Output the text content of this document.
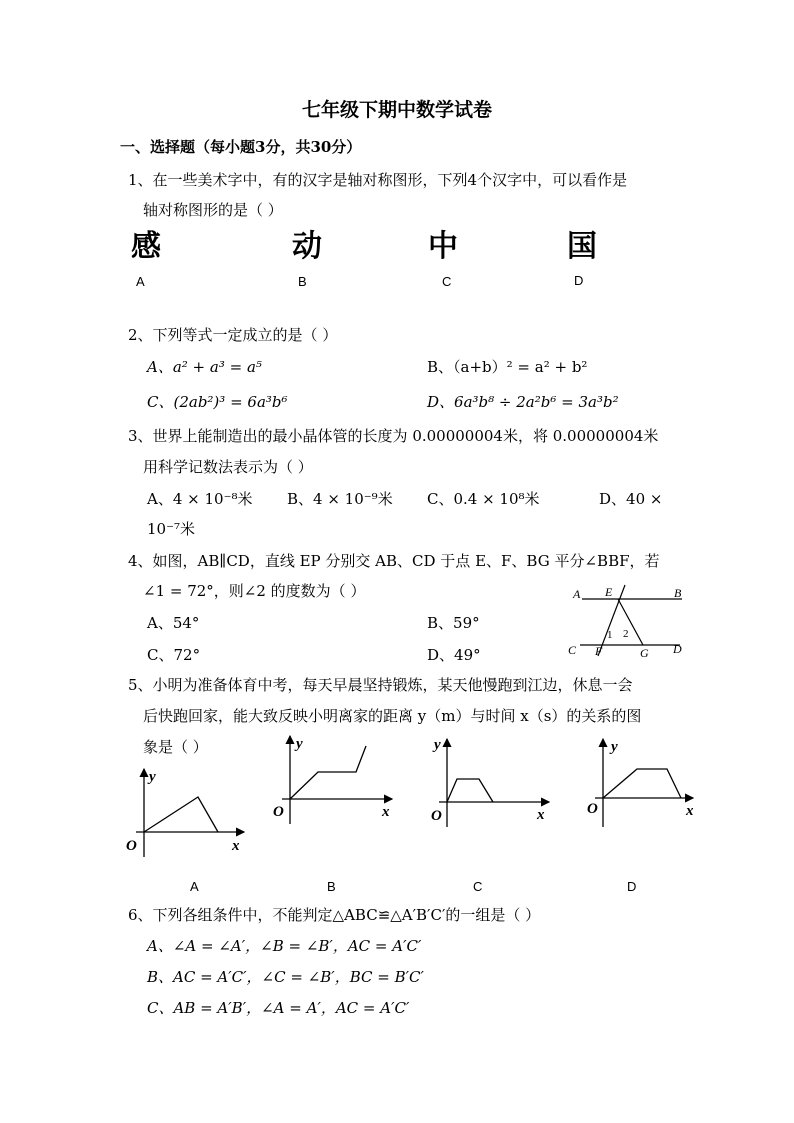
七年级下期中数学试卷
一、选择题（每小题3分，共30分）
1、在一些美术字中，有的汉字是轴对称图形，下列4个汉字中，可以看作是
轴对称图形的是（ ）
感	动	中	国
A	B	C	D
2、下列等式一定成立的是（ ）
A、a² + a³ = a⁵	B、（a+b）² = a² + b²
C、(2ab²)³ = 6a³b⁶	D、6a³b⁸ ÷ 2a²b⁶ = 3a³b²
3、世界上能制造出的最小晶体管的长度为 0.00000004米，将 0.00000004米
用科学记数法表示为（ ）
A、4 × 10⁻⁸米 B、4 × 10⁻⁹米 C、0.4 × 10⁸米	D、40 ×
10⁻⁷米
4、如图，AB∥CD，直线 EP 分别交 AB、CD 于点 E、F、BG 平分∠BBF，若
∠1 = 72°，则∠2 的度数为（ ）
A、54°	B、59°
C、72°	D、49°
A E	B
C F	G D
1 2
5、小明为准备体育中考，每天早晨坚持锻炼，某天他慢跑到江边，休息一会
后快跑回家，能大致反映小明离家的距离 y（m）与时间 x（s）的关系的图
象是（ ）
y
x
O
y
x
O
y
x
O
y
x
O
A	B	C	D
6、下列各组条件中，不能判定△ABC≌△A′B′C′的一组是（ ）
A、∠A = ∠A′，∠B = ∠B′，AC = A′C′
B、AC = A′C′，∠C = ∠B′，BC = B′C′
C、AB = A′B′，∠A = A′，AC = A′C′
